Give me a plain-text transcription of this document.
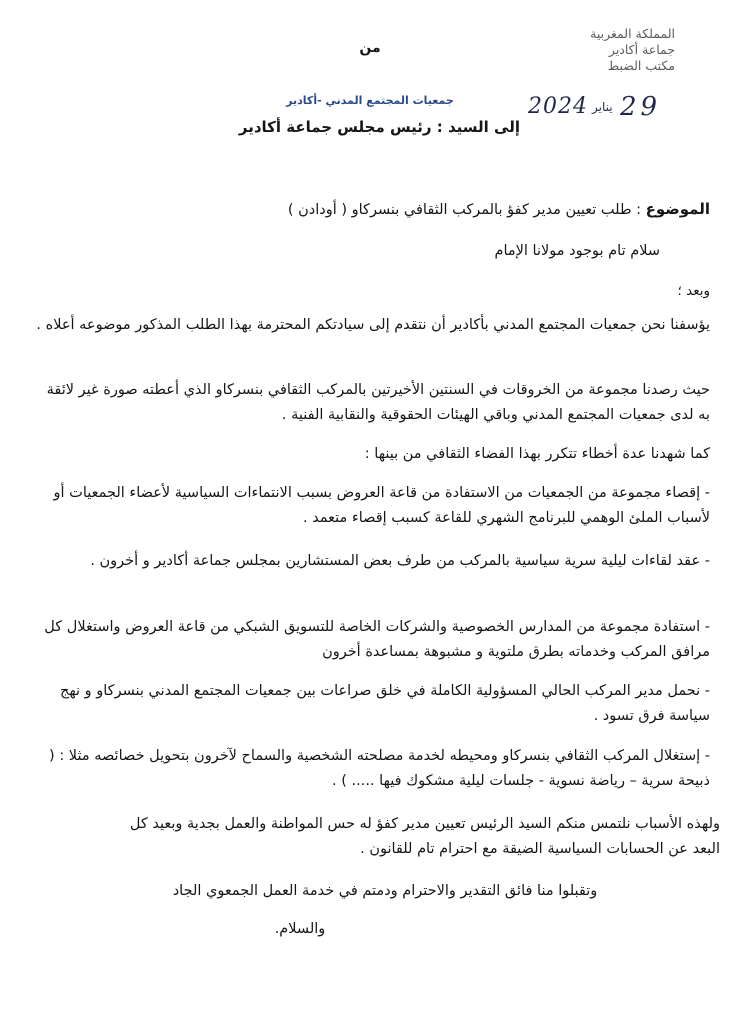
من
جمعيات المجتمع المدني -أكادير
إلى السيد : رئيس مجلس جماعة أكادير
المملكة المغربية
جماعة أكادير
مكتب الضبط
2024 يناير 29
الموضوع : طلب تعيين مدير كفؤ بالمركب الثقافي بنسركاو ( أودادن )
سلام تام بوجود مولانا الإمام
وبعد ؛
يؤسفنا نحن جمعيات المجتمع المدني بأكادير أن نتقدم إلى سيادتكم المحترمة بهذا الطلب المذكور موضوعه أعلاه .
حيث رصدنا مجموعة من الخروقات في السنتين الأخيرتين بالمركب الثقافي بنسركاو الذي أعطته صورة غير لائقة به لدى جمعيات المجتمع المدني وباقي الهيئات الحقوقية والنقابية الفنية .
كما شهدنا عدة أخطاء تتكرر بهذا الفضاء الثقافي من بينها :
- إقصاء مجموعة من الجمعيات من الاستفادة من قاعة العروض بسبب الانتماءات السياسية لأعضاء الجمعيات أو لأسباب الملئ الوهمي للبرنامج الشهري للقاعة كسبب إقصاء متعمد .
- عقد لقاءات ليلية سرية سياسية بالمركب من طرف بعض المستشارين بمجلس جماعة أكادير و أخرون .
- استفادة مجموعة من المدارس الخصوصية والشركات الخاصة للتسويق الشبكي من قاعة العروض واستغلال كل مرافق المركب وخدماته بطرق ملتوية و مشبوهة بمساعدة أخرون
- نحمل مدير المركب الحالي المسؤولية الكاملة في خلق صراعات بين جمعيات المجتمع المدني بنسركاو و نهج سياسة فرق تسود .
- إستغلال المركب الثقافي بنسركاو ومحيطه لخدمة مصلحته الشخصية والسماح لآخرون بتحويل خصائصه مثلا : ( ذبيحة سرية – رياضة نسوية - جلسات ليلية مشكوك فيها ..... ) .
ولهذه الأسباب نلتمس منكم السيد الرئيس تعيين مدير كفؤ له حس المواطنة والعمل بجدية وبعيد كل البعد عن الحسابات السياسية الضيقة مع احترام تام للقانون .
وتقبلوا منا فائق التقدير والاحترام ودمتم في خدمة العمل الجمعوي الجاد
والسلام.
